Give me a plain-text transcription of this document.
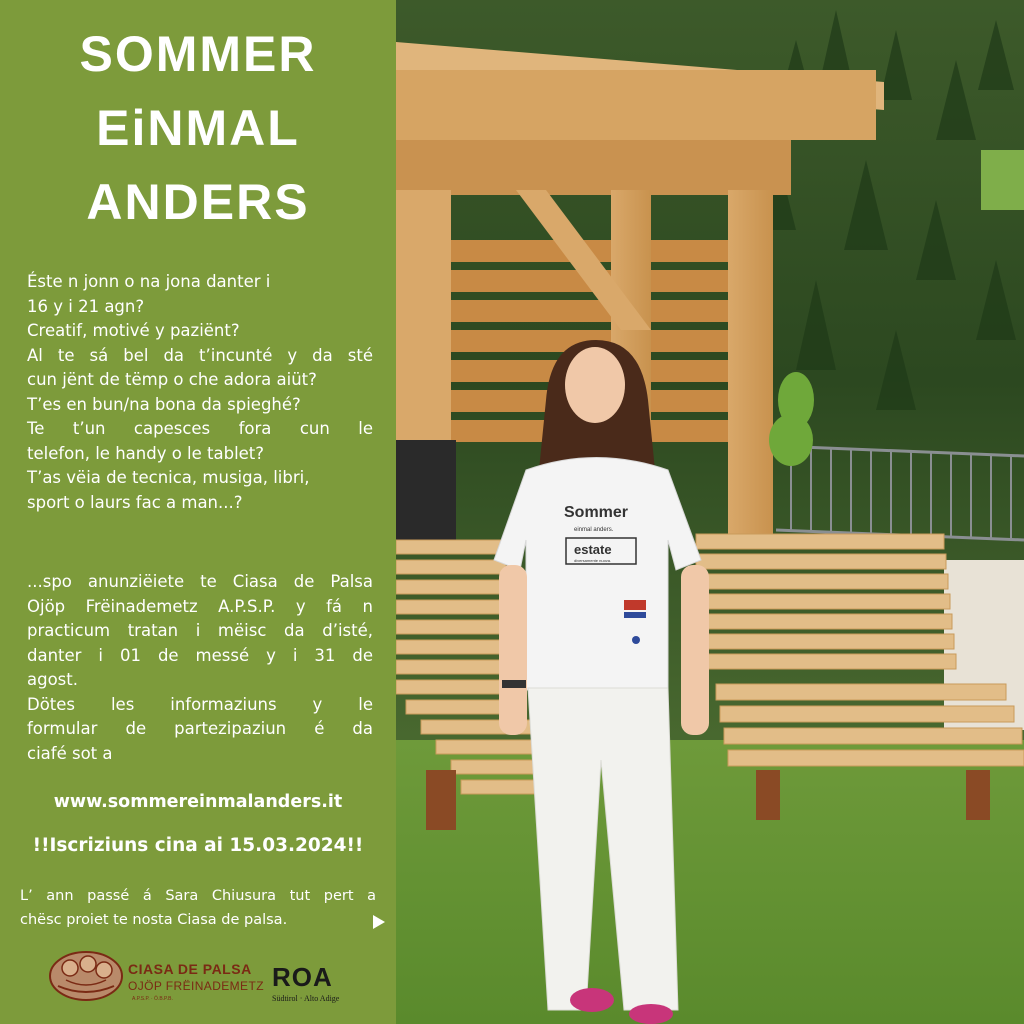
SOMMER
EiNMAL
ANDERS
Éste n jonn o na jona danter i
16 y i 21 agn?
Creatif, motivé y paziënt?
Al te sá bel da t’incunté y da sté
cun jënt de tëmp o che adora aiüt?
T’es en bun/na bona da spieghé?
Te t’un capesces fora cun le
telefon, le handy o le tablet?
T’as vëia de tecnica, musiga, libri,
sport o laurs fac a man...?
...spo anunziëiete te Ciasa de Palsa
Ojöp Frëinademetz A.P.S.P. y fá n
practicum tratan i mëisc da d’isté,
danter i 01 de messé y i 31 de
agost.
Dötes les informaziuns y le
formular de partezipaziun é da
ciafé sot a
www.sommereinmalanders.it
!!Iscriziuns cina ai 15.03.2024!!
L’ ann passé á Sara Chiusura tut pert a
chësc proiet te nosta Ciasa de palsa.
CIASA DE PALSA
OJÖP FRËINADEMETZ
A.P.S.P. · Ö.B.P.B.
ROA
Südtirol · Alto Adige
Sommer
einmal anders.
estate
diversamente nuova.
